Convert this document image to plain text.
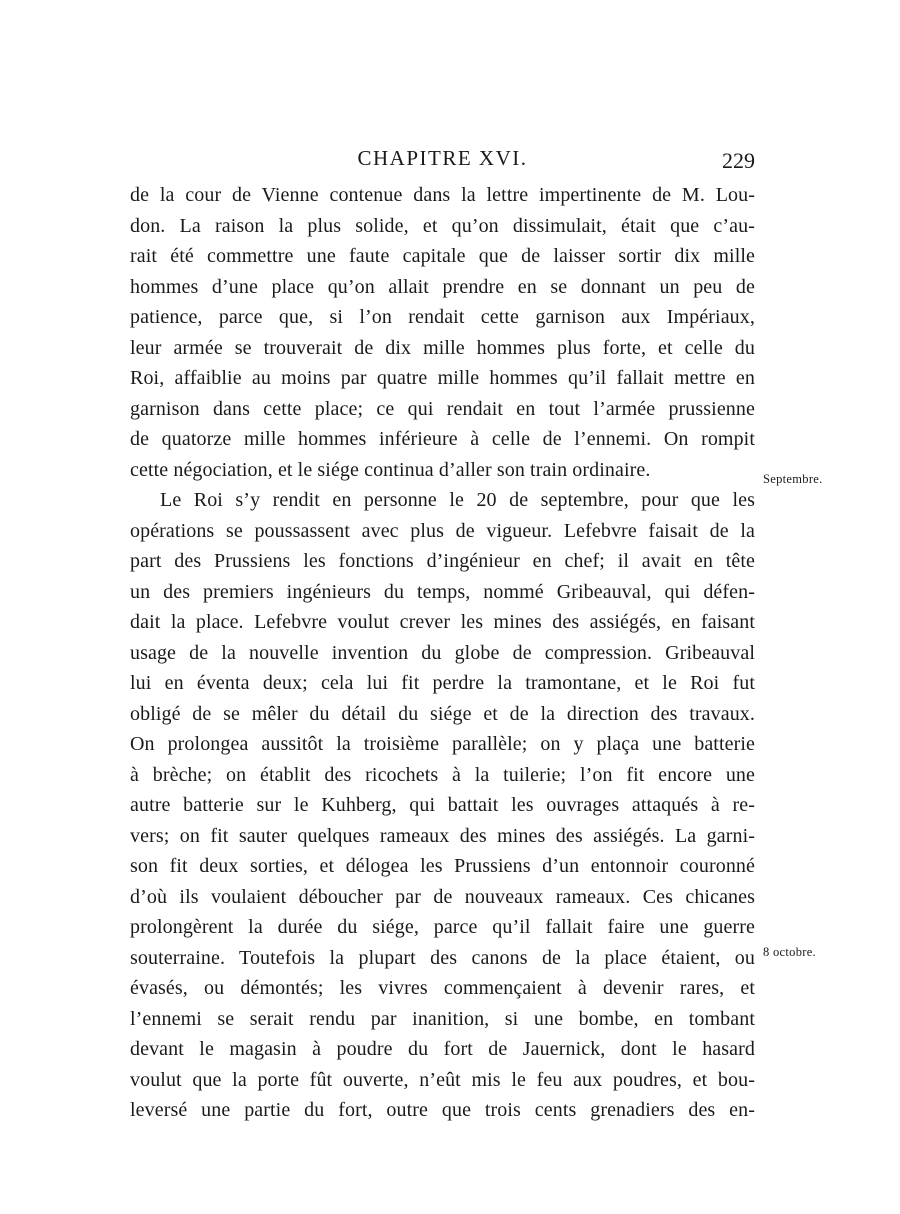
CHAPITRE XVI.	229
de la cour de Vienne contenue dans la lettre impertinente de M. Lou-
don. La raison la plus solide, et qu’on dissimulait, était que c’au-
rait été commettre une faute capitale que de laisser sortir dix mille
hommes d’une place qu’on allait prendre en se donnant un peu de
patience, parce que, si l’on rendait cette garnison aux Impériaux,
leur armée se trouverait de dix mille hommes plus forte, et celle du
Roi, affaiblie au moins par quatre mille hommes qu’il fallait mettre en
garnison dans cette place; ce qui rendait en tout l’armée prussienne
de quatorze mille hommes inférieure à celle de l’ennemi. On rompit
cette négociation, et le siége continua d’aller son train ordinaire.
Le Roi s’y rendit en personne le 20 de septembre, pour que les
opérations se poussassent avec plus de vigueur. Lefebvre faisait de la
part des Prussiens les fonctions d’ingénieur en chef; il avait en tête
un des premiers ingénieurs du temps, nommé Gribeauval, qui défen-
dait la place. Lefebvre voulut crever les mines des assiégés, en faisant
usage de la nouvelle invention du globe de compression. Gribeauval
lui en éventa deux; cela lui fit perdre la tramontane, et le Roi fut
obligé de se mêler du détail du siége et de la direction des travaux.
On prolongea aussitôt la troisième parallèle; on y plaça une batterie
à brèche; on établit des ricochets à la tuilerie; l’on fit encore une
autre batterie sur le Kuhberg, qui battait les ouvrages attaqués à re-
vers; on fit sauter quelques rameaux des mines des assiégés. La garni-
son fit deux sorties, et délogea les Prussiens d’un entonnoir couronné
d’où ils voulaient déboucher par de nouveaux rameaux. Ces chicanes
prolongèrent la durée du siége, parce qu’il fallait faire une guerre
souterraine. Toutefois la plupart des canons de la place étaient, ou
évasés, ou démontés; les vivres commençaient à devenir rares, et
l’ennemi se serait rendu par inanition, si une bombe, en tombant
devant le magasin à poudre du fort de Jauernick, dont le hasard
voulut que la porte fût ouverte, n’eût mis le feu aux poudres, et bou-
leversé une partie du fort, outre que trois cents grenadiers des en-
Septembre.
8 octobre.
